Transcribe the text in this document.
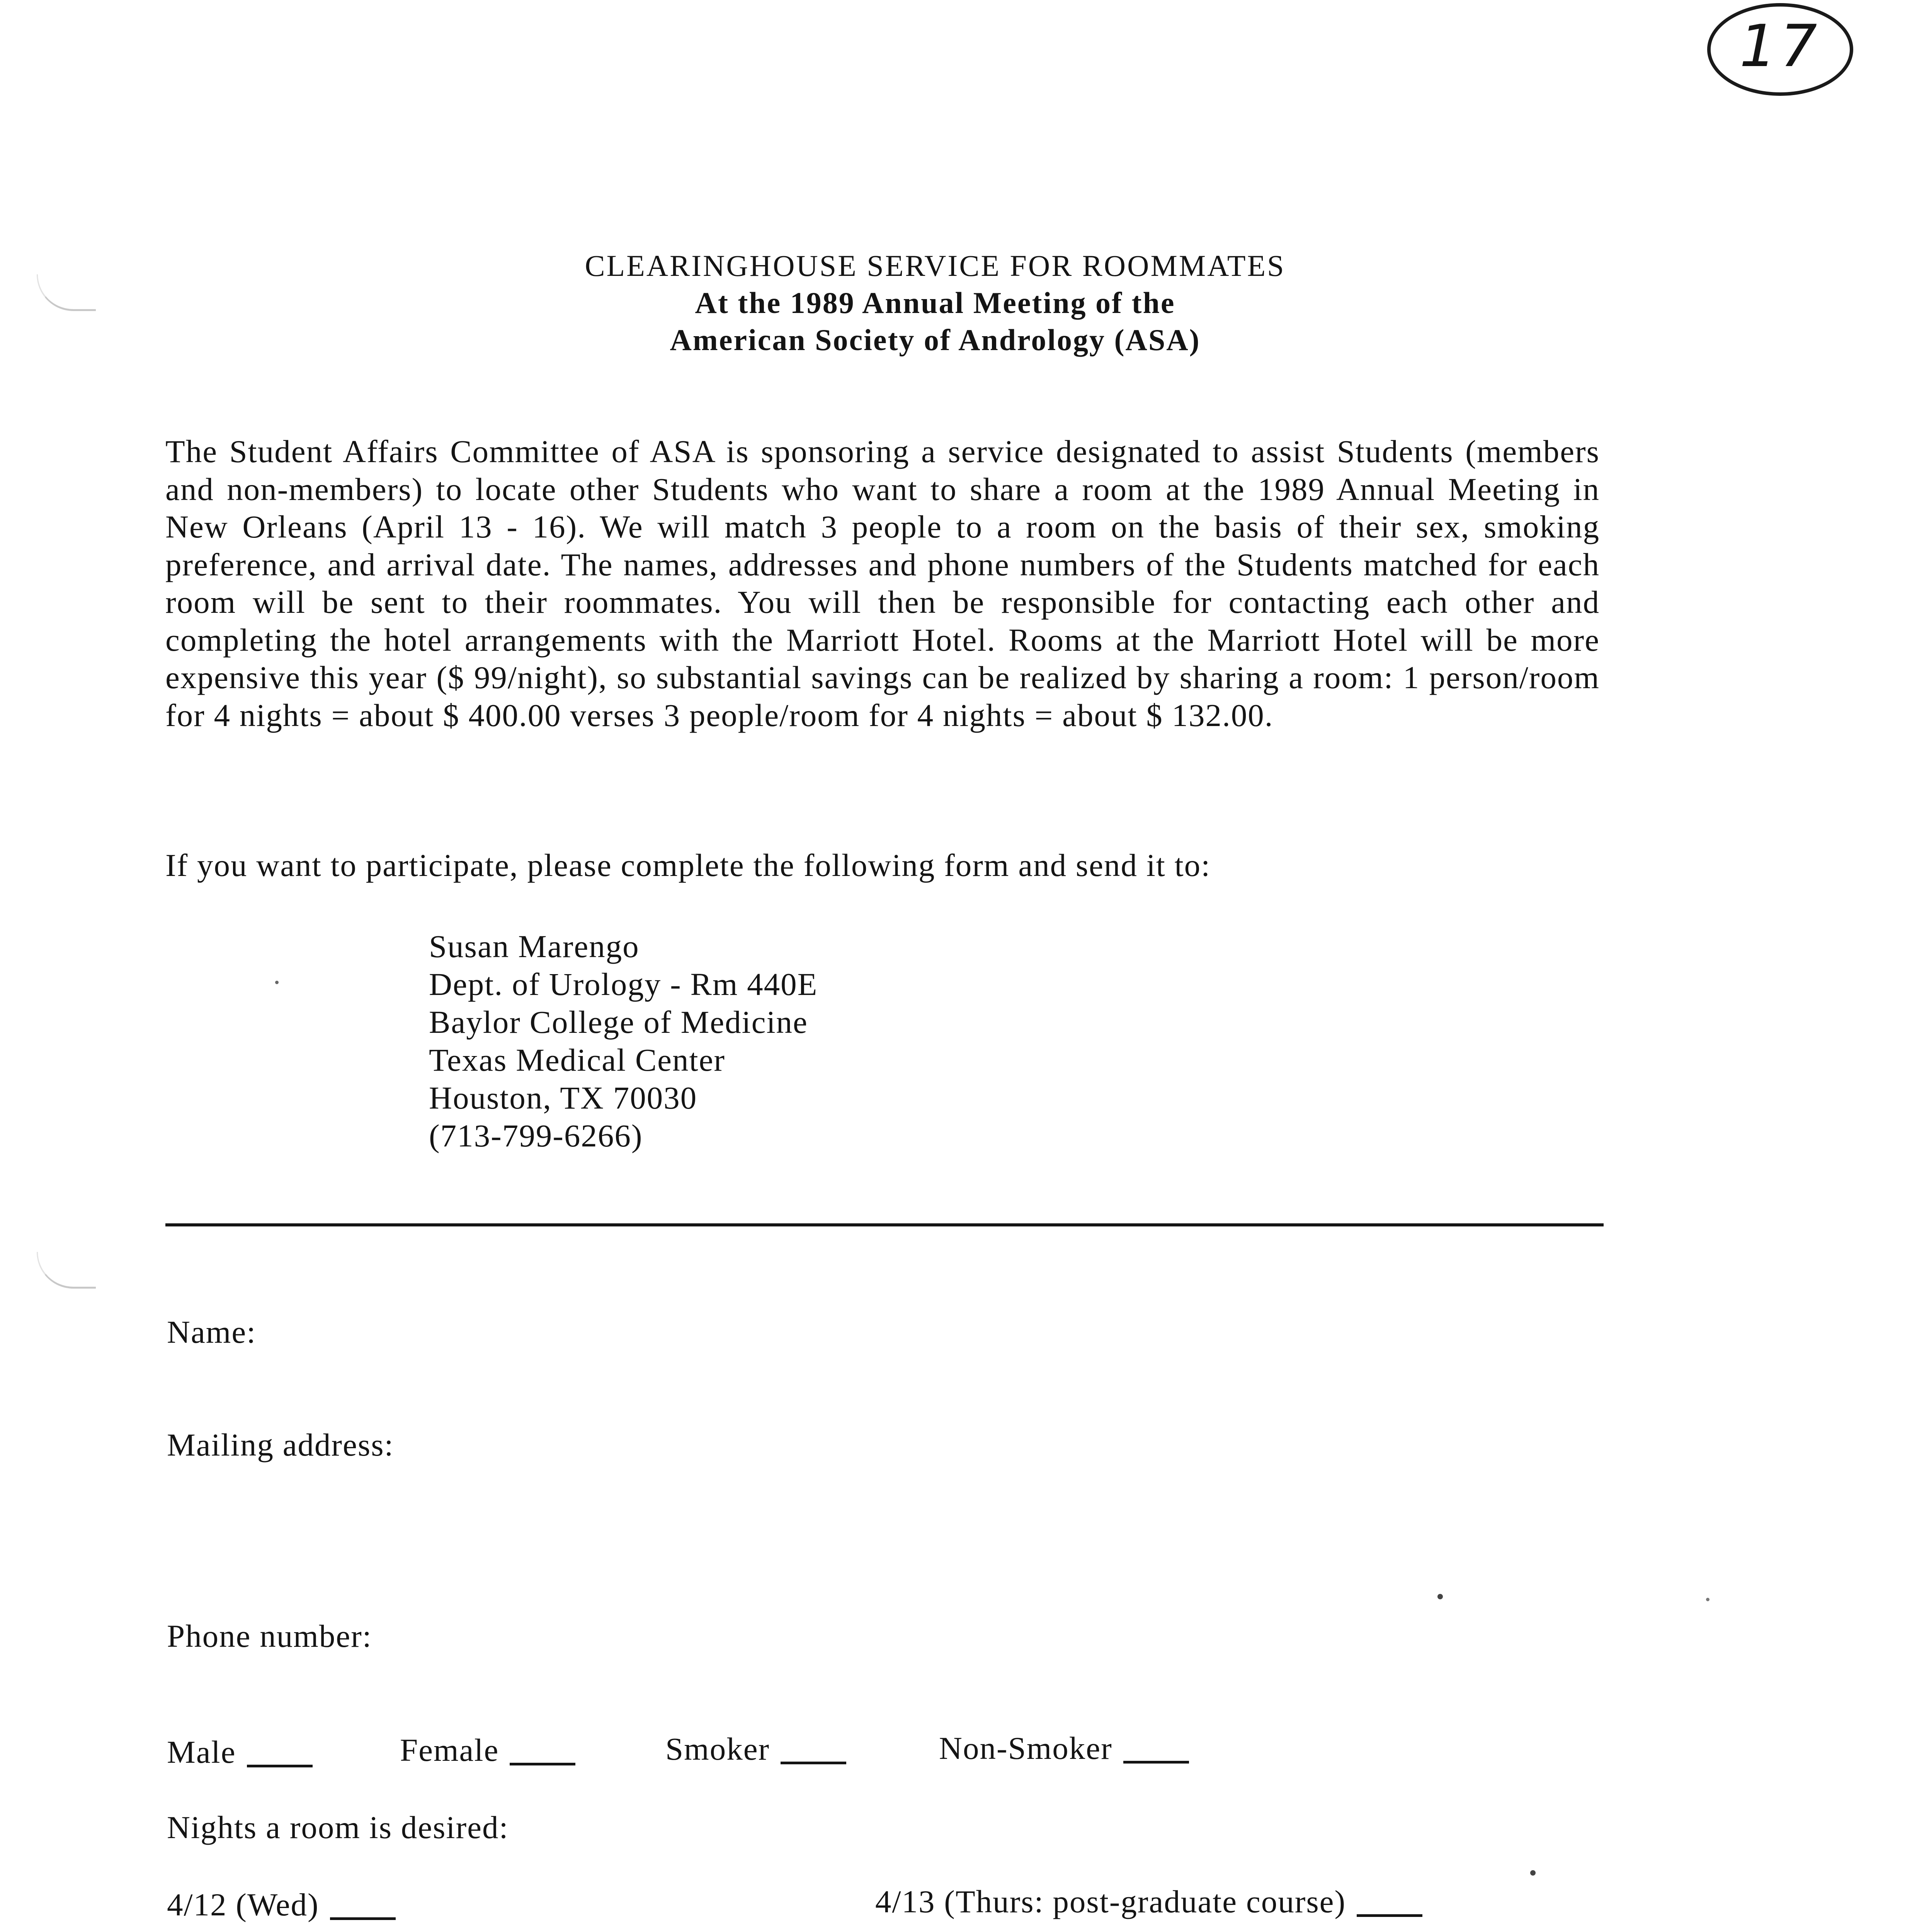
17
CLEARINGHOUSE SERVICE FOR ROOMMATES
At the 1989 Annual Meeting of the
American Society of Andrology (ASA)

The Student Affairs Committee of ASA is sponsoring a service designated to assist Students (members and non-members) to locate other Students who want to share a room at the 1989 Annual Meeting in New Orleans (April 13 - 16). We will match 3 people to a room on the basis of their sex, smoking preference, and arrival date. The names, addresses and phone numbers of the Students matched for each room will be sent to their roommates. You will then be responsible for contacting each other and completing the hotel arrangements with the Marriott Hotel. Rooms at the Marriott Hotel will be more expensive this year ($ 99/night), so substantial savings can be realized by sharing a room: 1 person/room for 4 nights = about $ 400.00 verses 3 people/room for 4 nights = about $ 132.00.

If you want to participate, please complete the following form and send it to:

Susan Marengo
Dept. of Urology - Rm 440E
Baylor College of Medicine
Texas Medical Center
Houston, TX 70030
(713-799-6266)
Name:
Mailing address:
Phone number:
Male	Female	Smoker	Non-Smoker
Nights a room is desired:
4/12 (Wed)	4/13 (Thurs: post-graduate course)
